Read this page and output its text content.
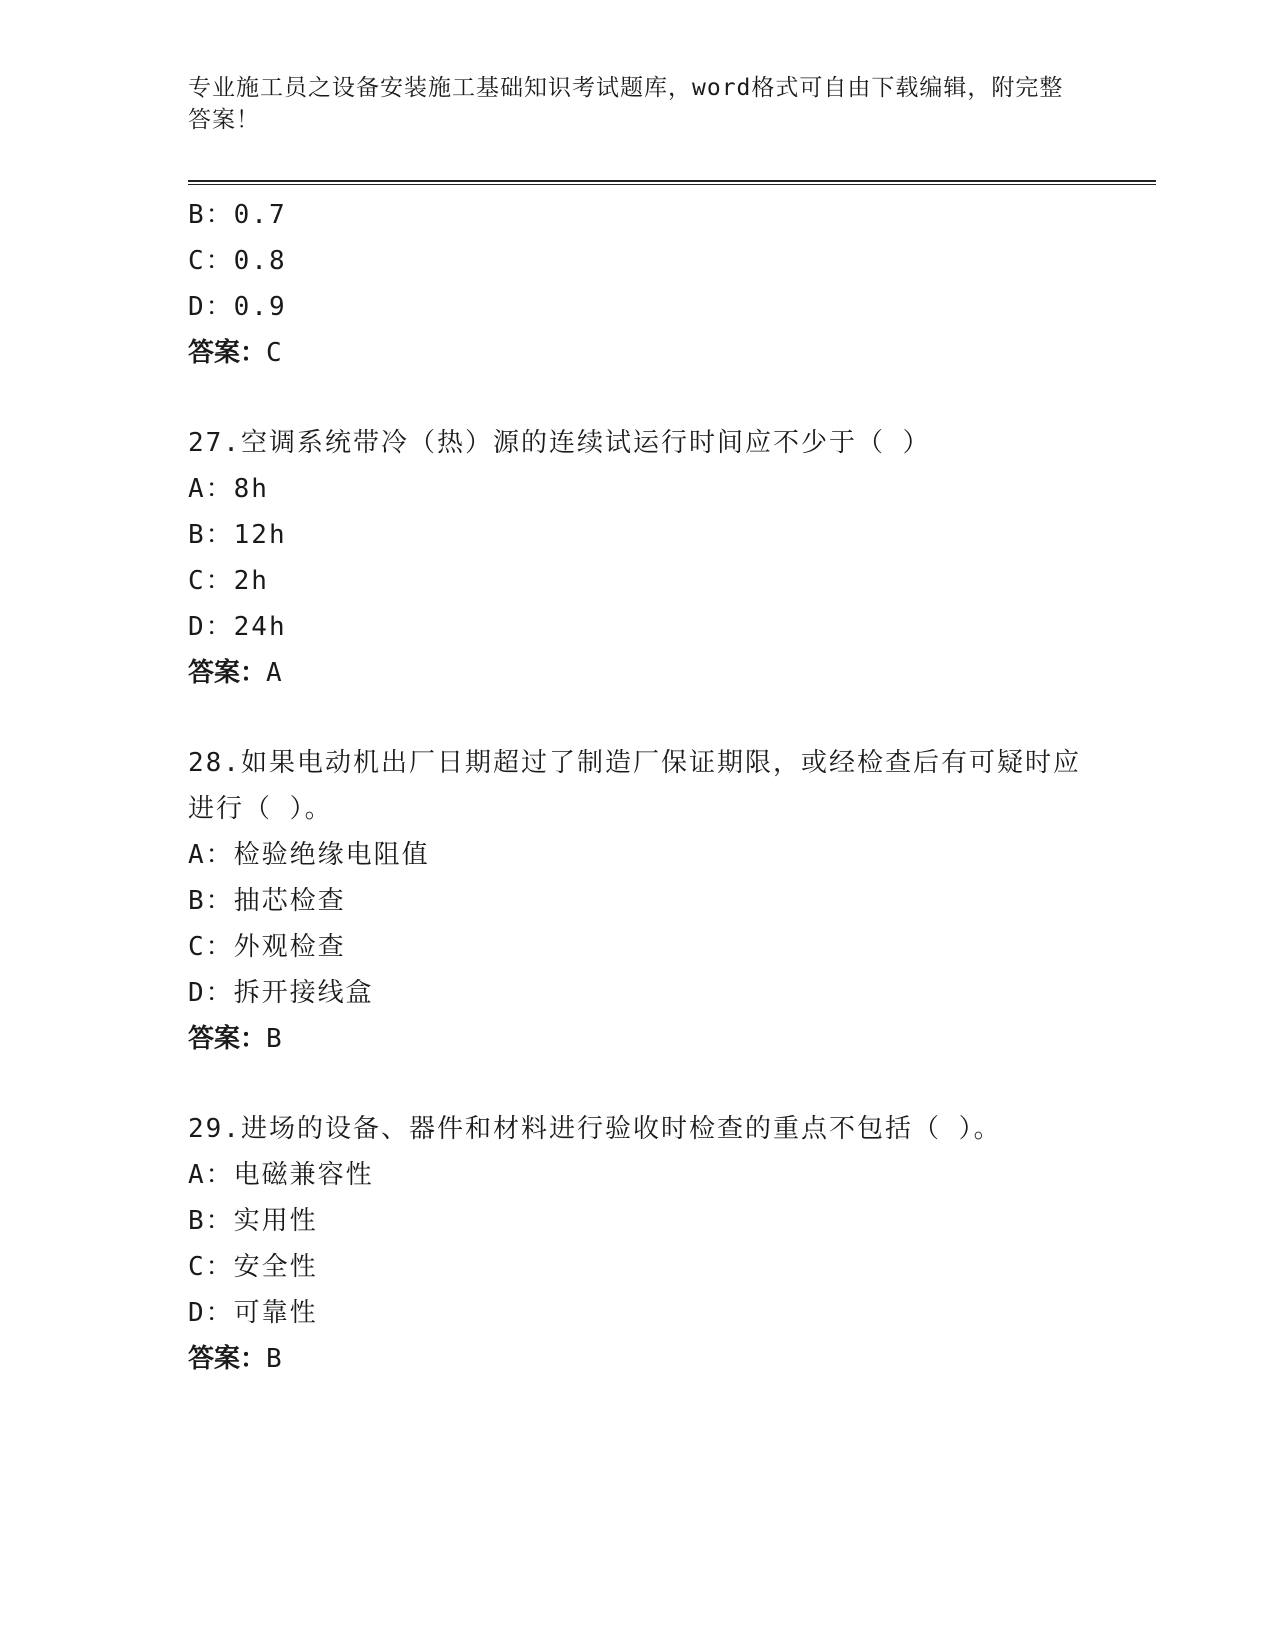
专业施工员之设备安装施工基础知识考试题库，word格式可自由下载编辑，附完整答案！
B：0.7
C：0.8
D：0.9
答案：C
27.空调系统带冷（热）源的连续试运行时间应不少于（ ）
A：8h
B：12h
C：2h
D：24h
答案：A
28.如果电动机出厂日期超过了制造厂保证期限，或经检查后有可疑时应进行（ ）。
A：检验绝缘电阻值
B：抽芯检查
C：外观检查
D：拆开接线盒
答案：B
29.进场的设备、器件和材料进行验收时检查的重点不包括（ ）。
A：电磁兼容性
B：实用性
C：安全性
D：可靠性
答案：B
